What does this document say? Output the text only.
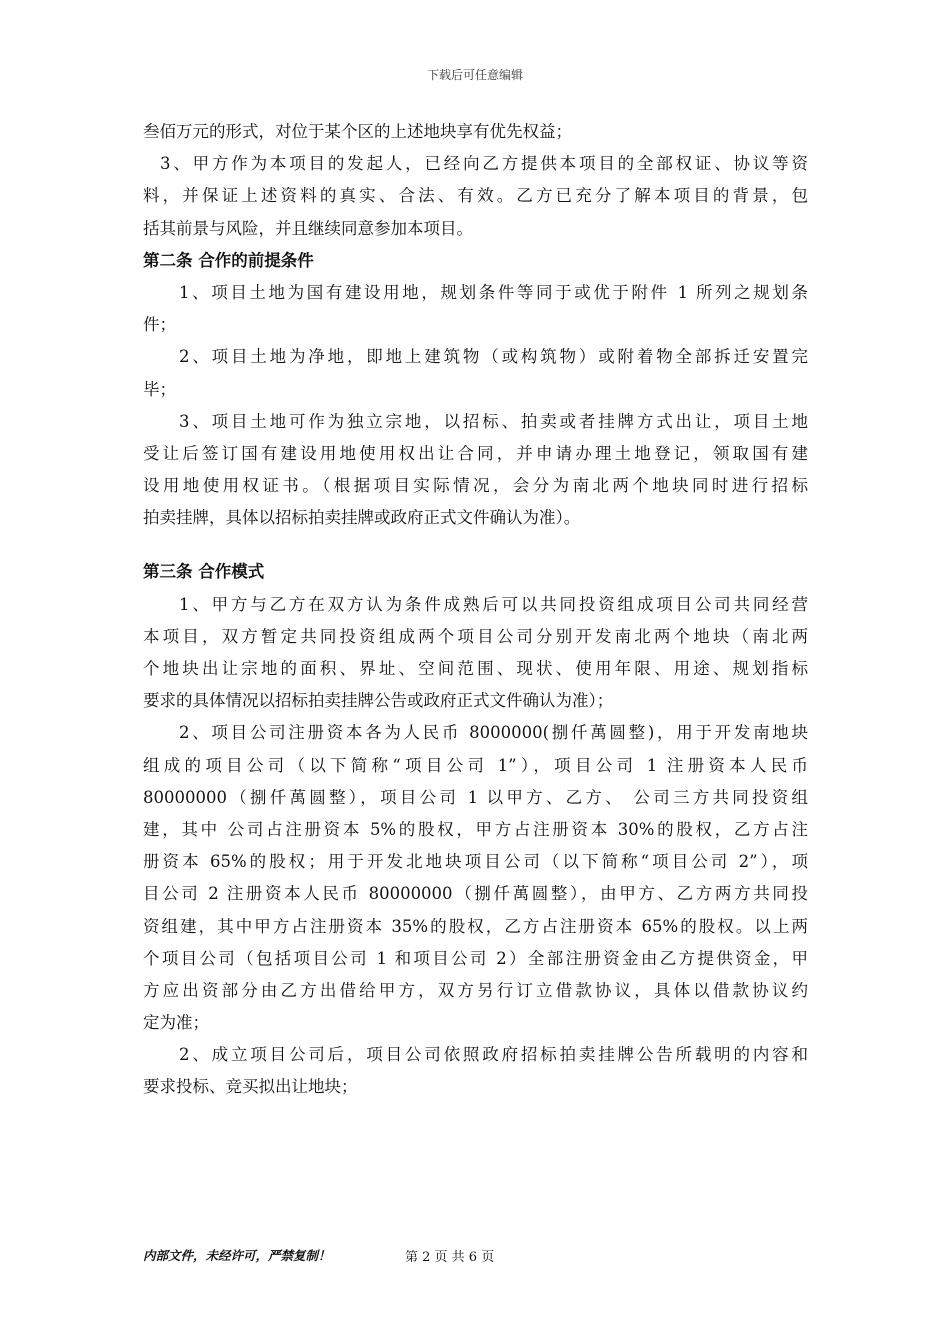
下载后可任意编辑
叁佰万元的形式，对位于某个区的上述地块享有优先权益；
3、甲方作为本项目的发起人，已经向乙方提供本项目的全部权证、协议等资
料，并保证上述资料的真实、合法、有效。乙方已充分了解本项目的背景，包
括其前景与风险，并且继续同意参加本项目。
第二条 合作的前提条件
1、项目土地为国有建设用地，规划条件等同于或优于附件 1 所列之规划条
件；
2、项目土地为净地，即地上建筑物（或构筑物）或附着物全部拆迁安置完
毕；
3、项目土地可作为独立宗地，以招标、拍卖或者挂牌方式出让，项目土地
受让后签订国有建设用地使用权出让合同，并申请办理土地登记，领取国有建
设用地使用权证书。（根据项目实际情况，会分为南北两个地块同时进行招标
拍卖挂牌，具体以招标拍卖挂牌或政府正式文件确认为准）。
第三条 合作模式
1、甲方与乙方在双方认为条件成熟后可以共同投资组成项目公司共同经营
本项目，双方暂定共同投资组成两个项目公司分别开发南北两个地块（南北两
个地块出让宗地的面积、界址、空间范围、现状、使用年限、用途、规划指标
要求的具体情况以招标拍卖挂牌公告或政府正式文件确认为准）；
2、项目公司注册资本各为人民币 8000000(捌仟萬圆整)，用于开发南地块
组成的项目公司（以下简称“项目公司 1”），项目公司 1 注册资本人民币
80000000（捌仟萬圆整），项目公司 1 以甲方、乙方、 公司三方共同投资组
建，其中 公司占注册资本 5%的股权，甲方占注册资本 30%的股权，乙方占注
册资本 65%的股权；用于开发北地块项目公司（以下简称“项目公司 2”），项
目公司 2 注册资本人民币 80000000（捌仟萬圆整），由甲方、乙方两方共同投
资组建，其中甲方占注册资本 35%的股权，乙方占注册资本 65%的股权。以上两
个项目公司（包括项目公司 1 和项目公司 2）全部注册资金由乙方提供资金，甲
方应出资部分由乙方出借给甲方，双方另行订立借款协议，具体以借款协议约
定为准；
2、成立项目公司后，项目公司依照政府招标拍卖挂牌公告所载明的内容和
要求投标、竞买拟出让地块；
内部文件，未经许可，严禁复制！	第 2 页 共 6 页
